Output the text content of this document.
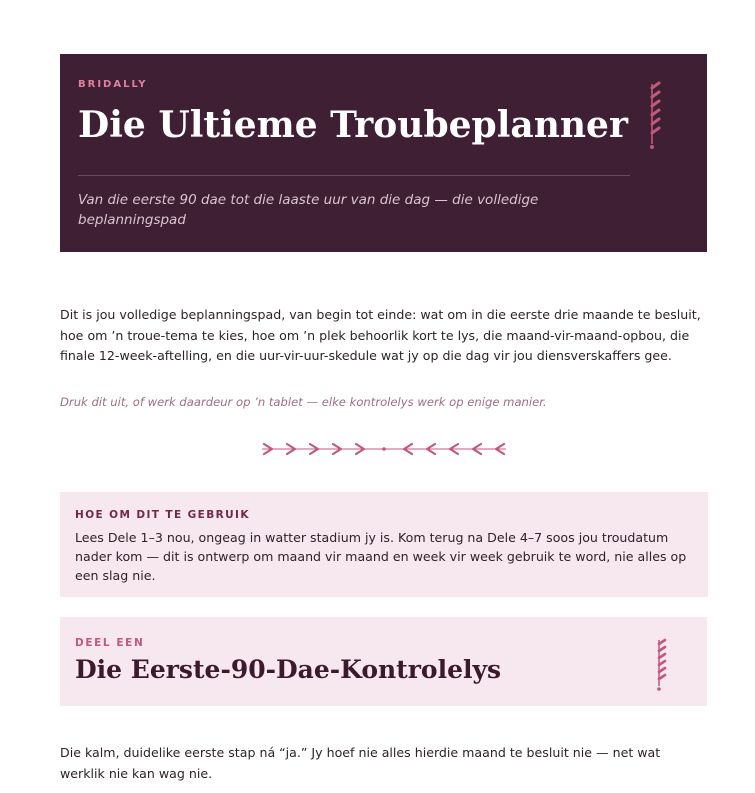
BRIDALLY
Die Ultieme Troubeplanner

Van die eerste 90 dae tot die laaste uur van die dag — die volledige beplanningspad

Dit is jou volledige beplanningspad, van begin tot einde: wat om in die eerste drie maande te besluit, hoe om ’n troue-tema te kies, hoe om ’n plek behoorlik kort te lys, die maand-vir-maand-opbou, die finale 12-week-aftelling, en die uur-vir-uur-skedule wat jy op die dag vir jou diensverskaffers gee.

Druk dit uit, of werk daardeur op ’n tablet — elke kontrolelys werk op enige manier.

HOE OM DIT TE GEBRUIK

Lees Dele 1–3 nou, ongeag in watter stadium jy is. Kom terug na Dele 4–7 soos jou troudatum nader kom — dit is ontwerp om maand vir maand en week vir week gebruik te word, nie alles op een slag nie.

DEEL EEN
Die Eerste-90-Dae-Kontrolelys

Die kalm, duidelike eerste stap ná “ja.” Jy hoef nie alles hierdie maand te besluit nie — net wat werklik nie kan wag nie.
